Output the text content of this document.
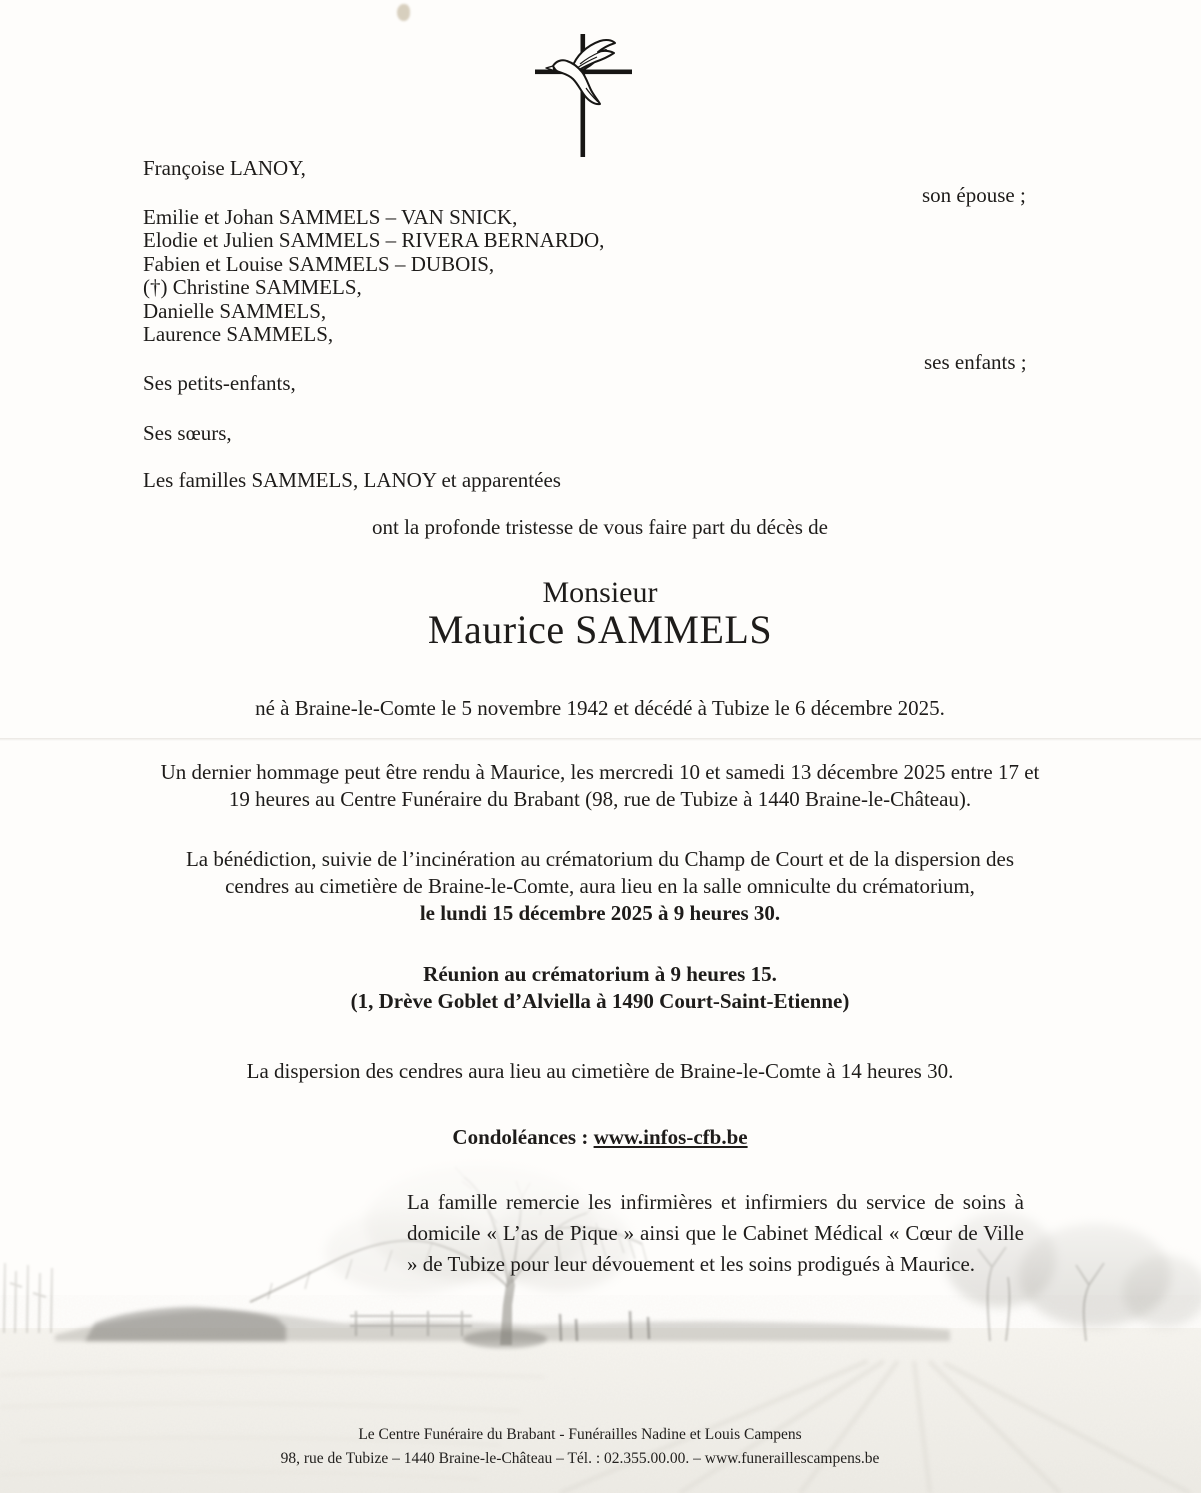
Françoise LANOY,
son épouse ;
Emilie et Johan SAMMELS – VAN SNICK,
Elodie et Julien SAMMELS – RIVERA BERNARDO,
Fabien et Louise SAMMELS – DUBOIS,
(†) Christine SAMMELS,
Danielle SAMMELS,
Laurence SAMMELS,
ses enfants ;
Ses petits-enfants,
Ses sœurs,
Les familles SAMMELS, LANOY et apparentées
ont la profonde tristesse de vous faire part du décès de
Monsieur
Maurice SAMMELS
né à Braine-le-Comte le 5 novembre 1942 et décédé à Tubize le 6 décembre 2025.
Un dernier hommage peut être rendu à Maurice, les mercredi 10 et samedi 13 décembre 2025 entre 17 et
19 heures au Centre Funéraire du Brabant (98, rue de Tubize à 1440 Braine-le-Château).
La bénédiction, suivie de l’incinération au crématorium du Champ de Court et de la dispersion des
cendres au cimetière de Braine-le-Comte, aura lieu en la salle omniculte du crématorium,
le lundi 15 décembre 2025 à 9 heures 30.
Réunion au crématorium à 9 heures 15.
(1, Drève Goblet d’Alviella à 1490 Court-Saint-Etienne)
La dispersion des cendres aura lieu au cimetière de Braine-le-Comte à 14 heures 30.
Condoléances : www.infos-cfb.be
La famille remercie les infirmières et infirmiers du service de soins à domicile « L’as de Pique » ainsi que le Cabinet Médical « Cœur de Ville » de Tubize pour leur dévouement et les soins prodigués à Maurice.
Le Centre Funéraire du Brabant - Funérailles Nadine et Louis Campens
98, rue de Tubize – 1440 Braine-le-Château – Tél. : 02.355.00.00. – www.funeraillescampens.be
